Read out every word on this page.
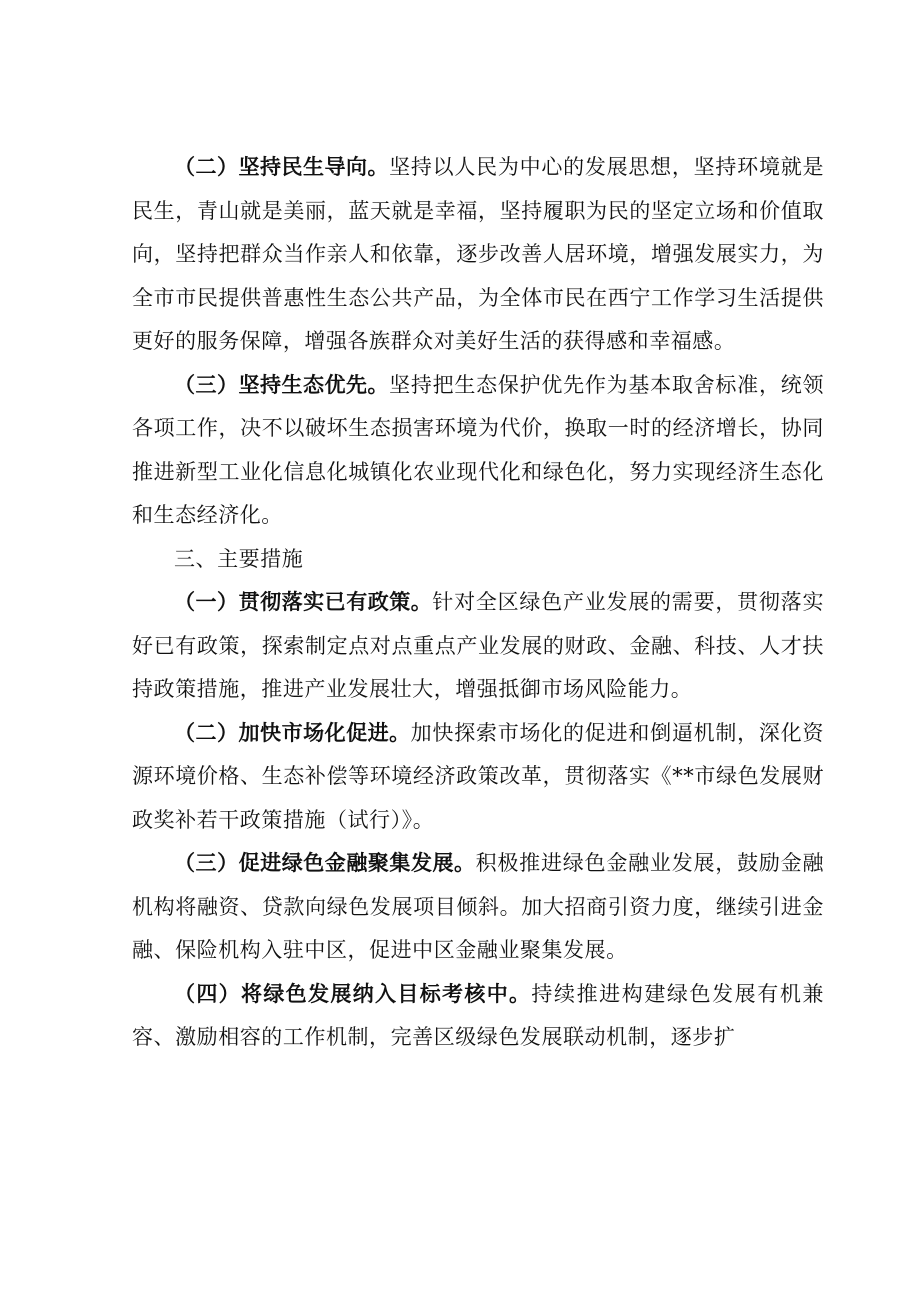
（二）坚持民生导向。坚持以人民为中心的发展思想，坚持环境就是民生，青山就是美丽，蓝天就是幸福，坚持履职为民的坚定立场和价值取向，坚持把群众当作亲人和依靠，逐步改善人居环境，增强发展实力，为全市市民提供普惠性生态公共产品，为全体市民在西宁工作学习生活提供更好的服务保障，增强各族群众对美好生活的获得感和幸福感。

（三）坚持生态优先。坚持把生态保护优先作为基本取舍标准，统领各项工作，决不以破坏生态损害环境为代价，换取一时的经济增长，协同推进新型工业化信息化城镇化农业现代化和绿色化，努力实现经济生态化和生态经济化。

三、主要措施

（一）贯彻落实已有政策。针对全区绿色产业发展的需要，贯彻落实好已有政策，探索制定点对点重点产业发展的财政、金融、科技、人才扶持政策措施，推进产业发展壮大，增强抵御市场风险能力。

（二）加快市场化促进。加快探索市场化的促进和倒逼机制，深化资源环境价格、生态补偿等环境经济政策改革，贯彻落实《**市绿色发展财政奖补若干政策措施（试行）》。

（三）促进绿色金融聚集发展。积极推进绿色金融业发展，鼓励金融机构将融资、贷款向绿色发展项目倾斜。加大招商引资力度，继续引进金融、保险机构入驻中区，促进中区金融业聚集发展。

（四）将绿色发展纳入目标考核中。持续推进构建绿色发展有机兼容、激励相容的工作机制，完善区级绿色发展联动机制，逐步扩
